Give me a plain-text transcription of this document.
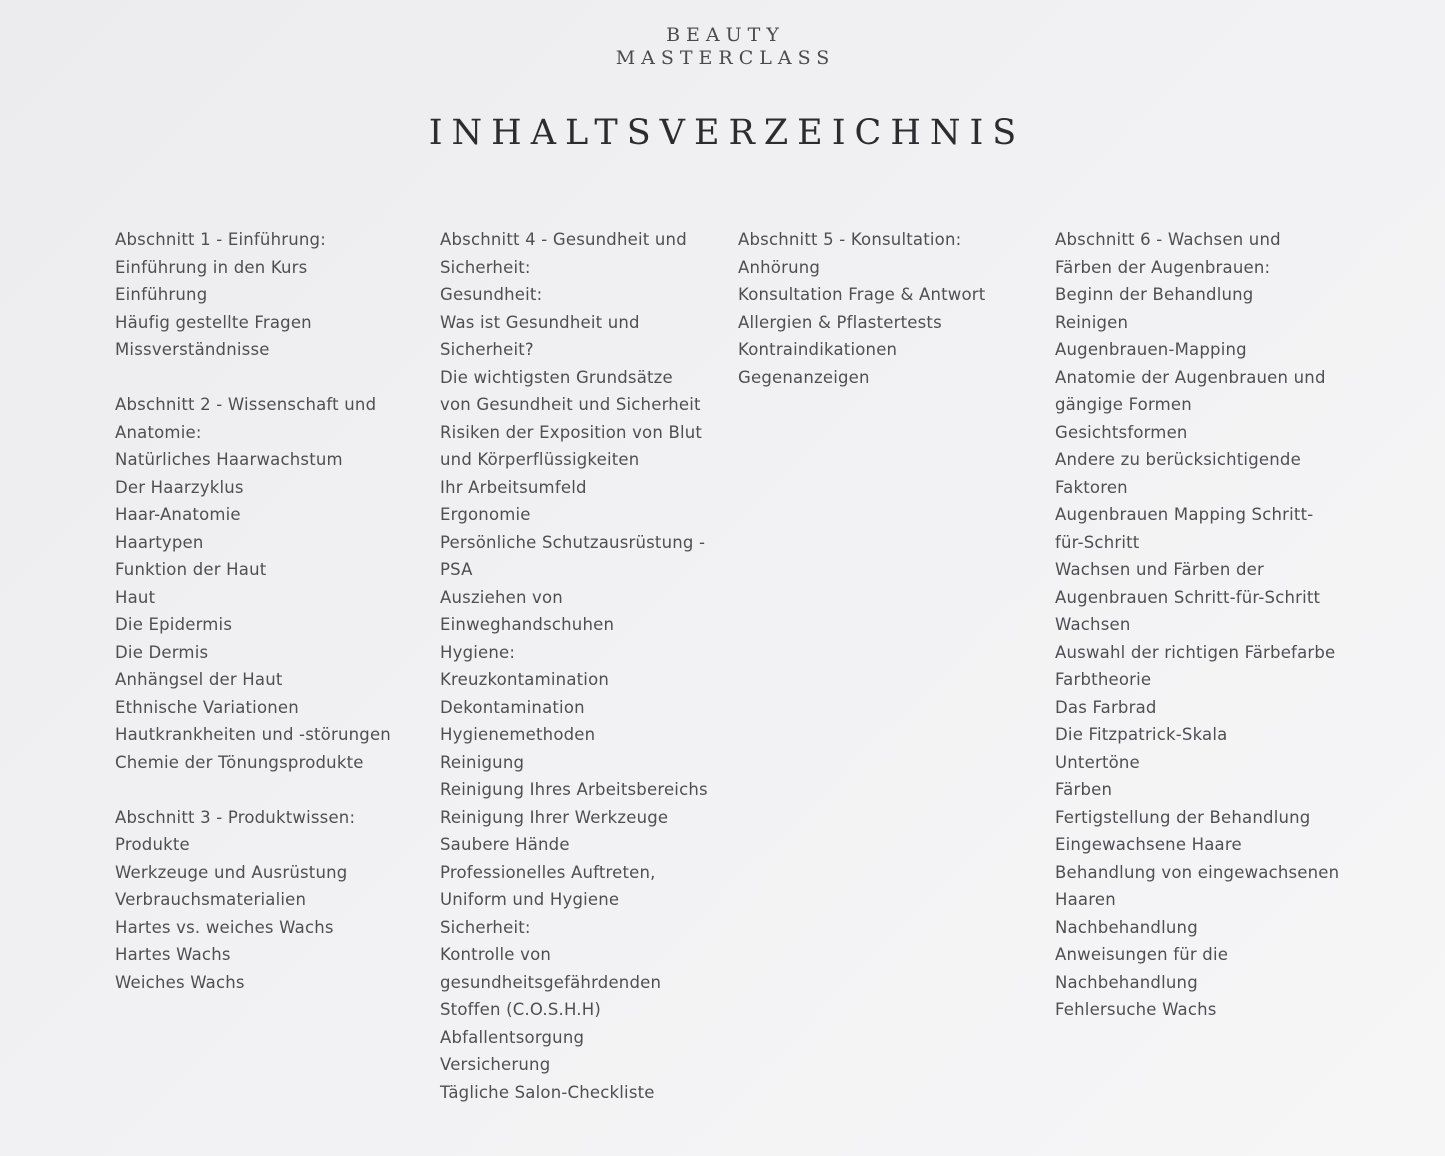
BEAUTY
MASTERCLASS
INHALTSVERZEICHNIS
Abschnitt 1 - Einführung:
Einführung in den Kurs
Einführung
Häufig gestellte Fragen
Missverständnisse
Abschnitt 2 - Wissenschaft und
Anatomie:
Natürliches Haarwachstum
Der Haarzyklus
Haar-Anatomie
Haartypen
Funktion der Haut
Haut
Die Epidermis
Die Dermis
Anhängsel der Haut
Ethnische Variationen
Hautkrankheiten und -störungen
Chemie der Tönungsprodukte
Abschnitt 3 - Produktwissen:
Produkte
Werkzeuge und Ausrüstung
Verbrauchsmaterialien
Hartes vs. weiches Wachs
Hartes Wachs
Weiches Wachs
Abschnitt 4 - Gesundheit und
Sicherheit:
Gesundheit:
Was ist Gesundheit und
Sicherheit?
Die wichtigsten Grundsätze
von Gesundheit und Sicherheit
Risiken der Exposition von Blut
und Körperflüssigkeiten
Ihr Arbeitsumfeld
Ergonomie
Persönliche Schutzausrüstung -
PSA
Ausziehen von
Einweghandschuhen
Hygiene:
Kreuzkontamination
Dekontamination
Hygienemethoden
Reinigung
Reinigung Ihres Arbeitsbereichs
Reinigung Ihrer Werkzeuge
Saubere Hände
Professionelles Auftreten,
Uniform und Hygiene
Sicherheit:
Kontrolle von
gesundheitsgefährdenden
Stoffen (C.O.S.H.H)
Abfallentsorgung
Versicherung
Tägliche Salon-Checkliste
Abschnitt 5 - Konsultation:
Anhörung
Konsultation Frage & Antwort
Allergien & Pflastertests
Kontraindikationen
Gegenanzeigen
Abschnitt 6 - Wachsen und
Färben der Augenbrauen:
Beginn der Behandlung
Reinigen
Augenbrauen-Mapping
Anatomie der Augenbrauen und
gängige Formen
Gesichtsformen
Andere zu berücksichtigende
Faktoren
Augenbrauen Mapping Schritt-
für-Schritt
Wachsen und Färben der
Augenbrauen Schritt-für-Schritt
Wachsen
Auswahl der richtigen Färbefarbe
Farbtheorie
Das Farbrad
Die Fitzpatrick-Skala
Untertöne
Färben
Fertigstellung der Behandlung
Eingewachsene Haare
Behandlung von eingewachsenen
Haaren
Nachbehandlung
Anweisungen für die
Nachbehandlung
Fehlersuche Wachs
